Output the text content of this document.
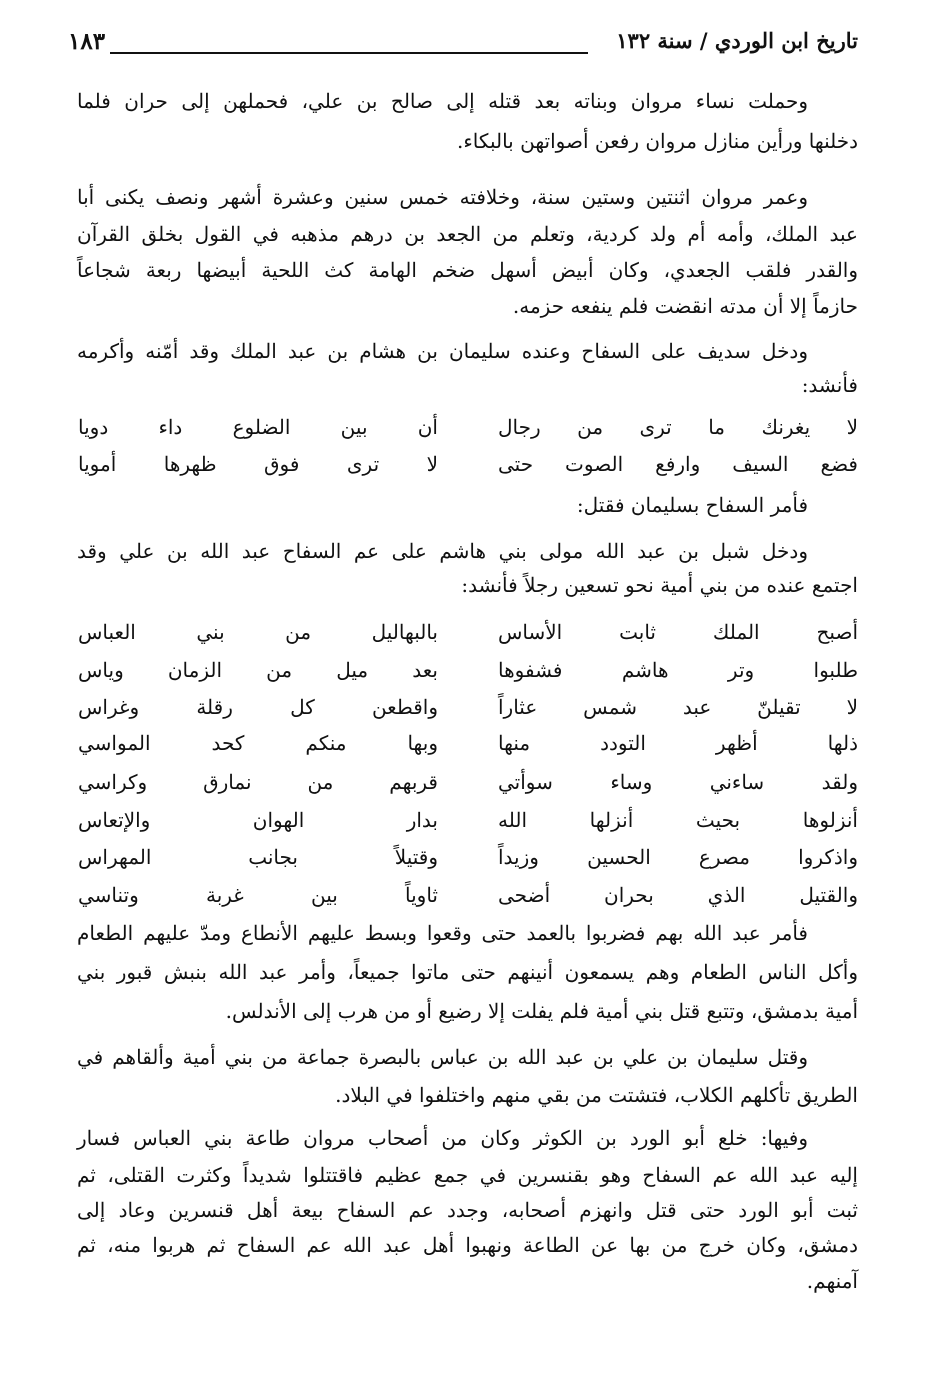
تاريخ ابن الوردي / سنة ١٣٢
١٨٣
وحملت نساء مروان وبناته بعد قتله إلى صالح بن علي، فحملهن إلى حران فلما
دخلنها ورأين منازل مروان رفعن أصواتهن بالبكاء.
وعمر مروان اثنتين وستين سنة، وخلافته خمس سنين وعشرة أشهر ونصف يكنى أبا
عبد الملك، وأمه أم ولد كردية، وتعلم من الجعد بن درهم مذهبه في القول بخلق القرآن
والقدر فلقب الجعدي، وكان أبيض أسهل ضخم الهامة كث اللحية أبيضها ربعة شجاعاً
حازماً إلا أن مدته انقضت فلم ينفعه حزمه.
ودخل سديف على السفاح وعنده سليمان بن هشام بن عبد الملك وقد أمّنه وأكرمه
فأنشد:
لا يغرنك ما ترى من رجال
أن بين الضلوع داء دويا
فضع السيف وارفع الصوت حتى
لا ترى فوق ظهرها أمويا
فأمر السفاح بسليمان فقتل:
ودخل شبل بن عبد الله مولى بني هاشم على عم السفاح عبد الله بن علي وقد
اجتمع عنده من بني أمية نحو تسعين رجلاً فأنشد:
أصبح الملك ثابت الأساس
بالبهاليل من بني العباس
طلبوا وتر هاشم فشفوها
بعد ميل من الزمان وياس
لا تقيلنّ عبد شمس عثاراً
واقطعن كل رقلة وغراس
ذلها أظهر التودد منها
وبها منكم كحد المواسي
ولقد ساءني وساء سوأتي
قربهم من نمارق وكراسي
أنزلوها بحيث أنزلها الله
بدار الهوان والإتعاس
واذكروا مصرع الحسين وزيداً
وقتيلاً بجانب المهراس
والقتيل الذي بحران أضحى
ثاوياً بين غربة وتناسي
فأمر عبد الله بهم فضربوا بالعمد حتى وقعوا وبسط عليهم الأنطاع ومدّ عليهم الطعام
وأكل الناس الطعام وهم يسمعون أنينهم حتى ماتوا جميعاً، وأمر عبد الله بنبش قبور بني
أمية بدمشق، وتتبع قتل بني أمية فلم يفلت إلا رضيع أو من هرب إلى الأندلس.
وقتل سليمان بن علي بن عبد الله بن عباس بالبصرة جماعة من بني أمية وألقاهم في
الطريق تأكلهم الكلاب، فتشتت من بقي منهم واختلفوا في البلاد.
وفيها: خلع أبو الورد بن الكوثر وكان من أصحاب مروان طاعة بني العباس فسار
إليه عبد الله عم السفاح وهو بقنسرين في جمع عظيم فاقتتلوا شديداً وكثرت القتلى، ثم
ثبت أبو الورد حتى قتل وانهزم أصحابه، وجدد عم السفاح بيعة أهل قنسرين وعاد إلى
دمشق، وكان خرج من بها عن الطاعة ونهبوا أهل عبد الله عم السفاح ثم هربوا منه، ثم
آمنهم.
